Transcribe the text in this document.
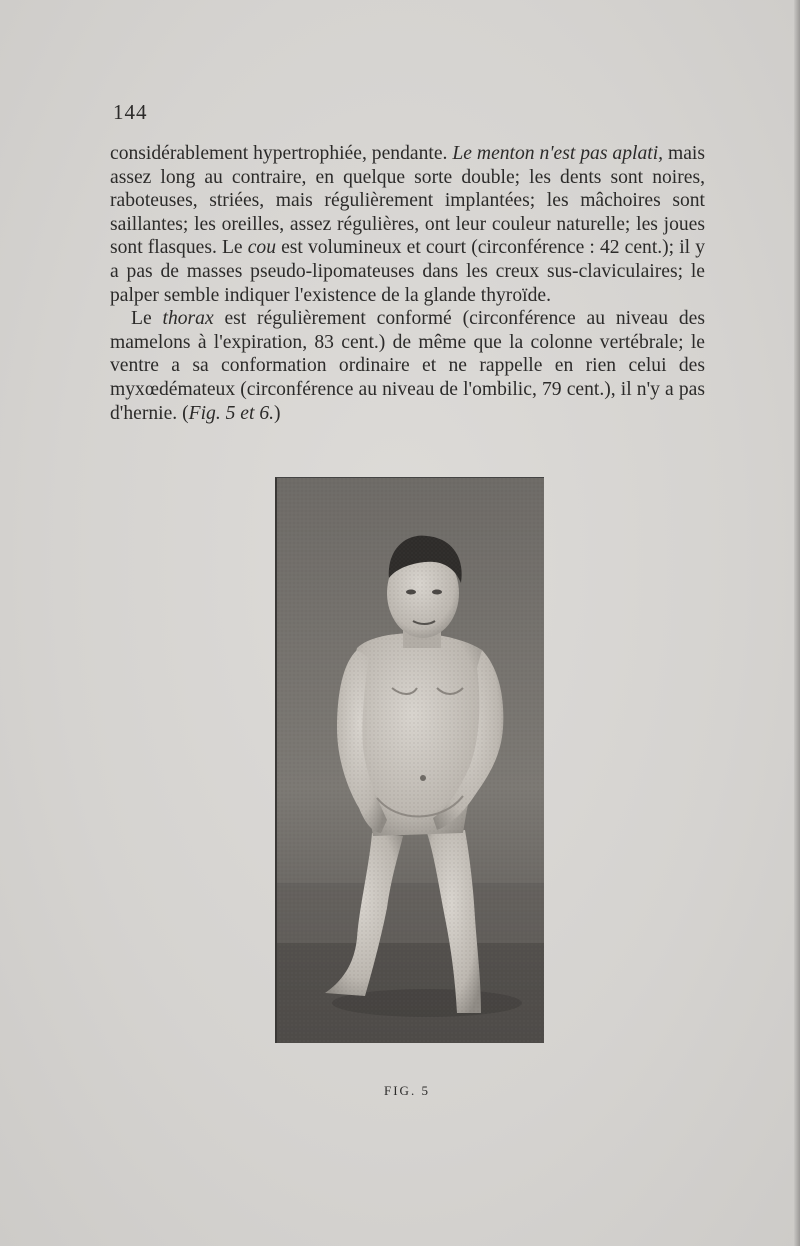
144

considérablement hypertrophiée, pendante. Le menton n'est pas aplati, mais assez long au contraire, en quelque sorte double; les dents sont noires, raboteuses, striées, mais régulièrement implantées; les mâchoires sont saillantes; les oreilles, assez régulières, ont leur couleur naturelle; les joues sont flasques. Le cou est volumineux et court (circonférence : 42 cent.); il y a pas de masses pseudo-lipomateuses dans les creux sus-claviculaires; le palper semble indiquer l'existence de la glande thyroïde.

Le thorax est régulièrement conformé (circonférence au niveau des mamelons à l'expiration, 83 cent.) de même que la colonne vertébrale; le ventre a sa conformation ordinaire et ne rappelle en rien celui des myxœdémateux (circonférence au niveau de l'ombilic, 79 cent.), il n'y a pas d'hernie. (Fig. 5 et 6.)

FIG. 5
